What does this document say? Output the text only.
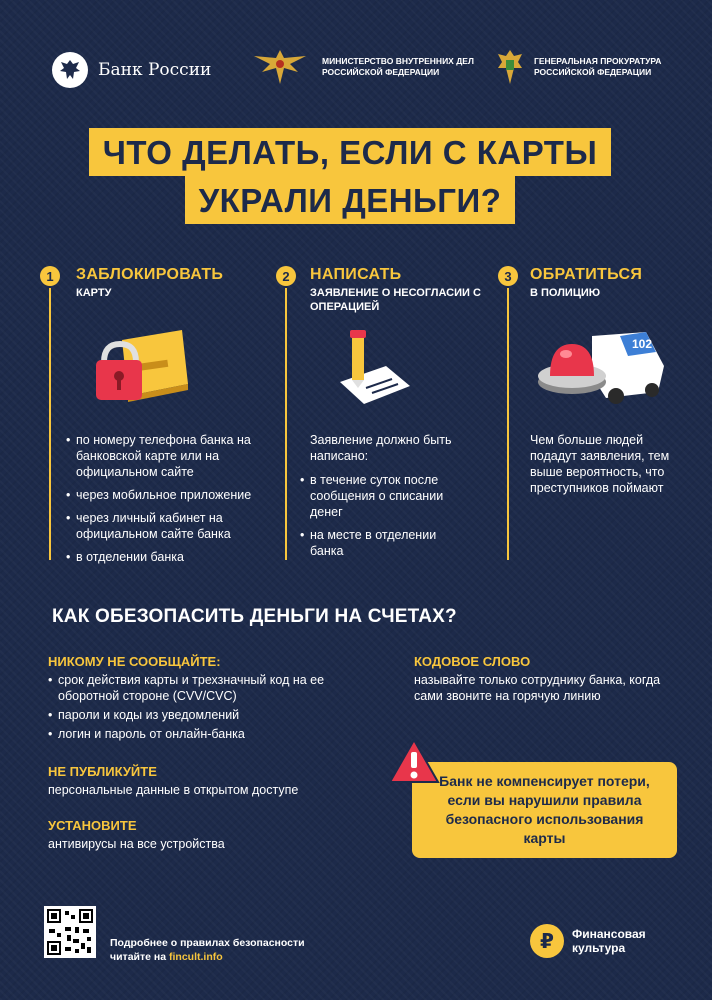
Банк России	МИНИСТЕРСТВО ВНУТРЕННИХ ДЕЛ
РОССИЙСКОЙ ФЕДЕРАЦИИ
ГЕНЕРАЛЬНАЯ ПРОКУРАТУРА
РОССИЙСКОЙ ФЕДЕРАЦИИ
ЧТО ДЕЛАТЬ, ЕСЛИ С КАРТЫ
УКРАЛИ ДЕНЬГИ?
1	ЗАБЛОКИРОВАТЬ
КАРТУ
• по номеру телефона банка на банковской карте или на официальном сайте
• через мобильное приложение
• через личный кабинет на официальном сайте банка
• в отделении банка
2	НАПИСАТЬ
ЗАЯВЛЕНИЕ О НЕСОГЛАСИИ С ОПЕРАЦИЕЙ
Заявление должно быть написано:
• в течение суток после сообщения о списании денег
• на месте в отделении банка
3	ОБРАТИТЬСЯ
В ПОЛИЦИЮ
102
Чем больше людей подадут заявления, тем выше вероятность, что преступников поймают
КАК ОБЕЗОПАСИТЬ ДЕНЬГИ НА СЧЕТАХ?
НИКОМУ НЕ СООБЩАЙТЕ:
• срок действия карты и трехзначный код на ее оборотной стороне (CVV/CVC)
• пароли и коды из уведомлений
• логин и пароль от онлайн-банка
НЕ ПУБЛИКУЙТЕ
персональные данные в открытом доступе
УСТАНОВИТЕ
антивирусы на все устройства
КОДОВОЕ СЛОВО
называйте только сотруднику банка, когда сами звоните на горячую линию
Банк не компенсирует потери, если вы нарушили правила безопасного использования карты
Подробнее о правилах безопасности
читайте на fincult.info
₽ Финансовая
культура
